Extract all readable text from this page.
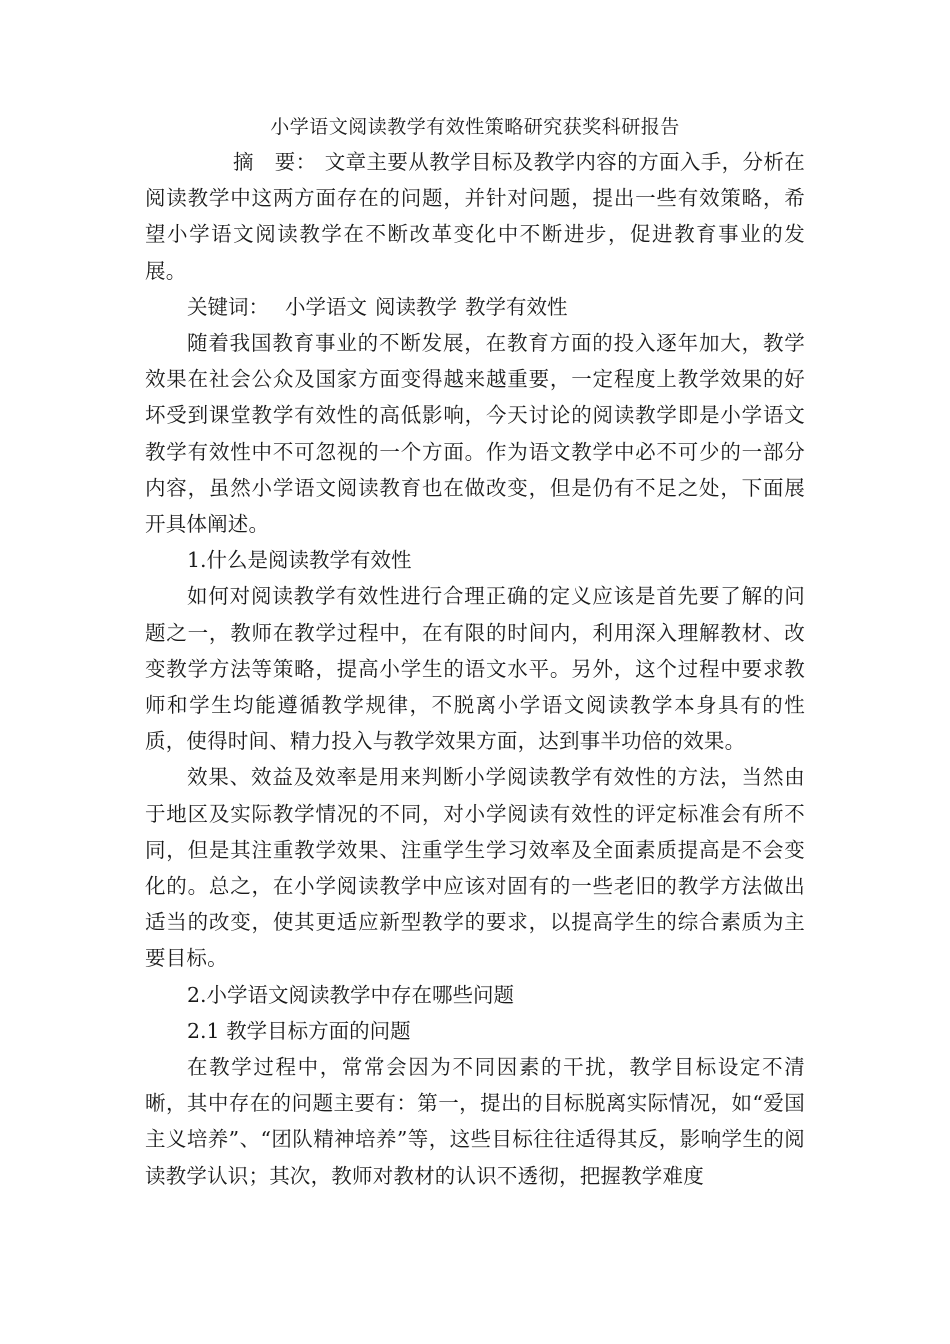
小学语文阅读教学有效性策略研究获奖科研报告

摘　要： 文章主要从教学目标及教学内容的方面入手，分析在阅读教学中这两方面存在的问题，并针对问题，提出一些有效策略，希望小学语文阅读教学在不断改革变化中不断进步，促进教育事业的发展。

关键词： 小学语文 阅读教学 教学有效性

随着我国教育事业的不断发展，在教育方面的投入逐年加大，教学效果在社会公众及国家方面变得越来越重要，一定程度上教学效果的好坏受到课堂教学有效性的高低影响，今天讨论的阅读教学即是小学语文教学有效性中不可忽视的一个方面。作为语文教学中必不可少的一部分内容，虽然小学语文阅读教育也在做改变，但是仍有不足之处，下面展开具体阐述。

1.什么是阅读教学有效性

如何对阅读教学有效性进行合理正确的定义应该是首先要了解的问题之一，教师在教学过程中，在有限的时间内，利用深入理解教材、改变教学方法等策略，提高小学生的语文水平。另外，这个过程中要求教师和学生均能遵循教学规律，不脱离小学语文阅读教学本身具有的性质，使得时间、精力投入与教学效果方面，达到事半功倍的效果。

效果、效益及效率是用来判断小学阅读教学有效性的方法，当然由于地区及实际教学情况的不同，对小学阅读有效性的评定标准会有所不同，但是其注重教学效果、注重学生学习效率及全面素质提高是不会变化的。总之，在小学阅读教学中应该对固有的一些老旧的教学方法做出适当的改变，使其更适应新型教学的要求，以提高学生的综合素质为主要目标。

2.小学语文阅读教学中存在哪些问题

2.1 教学目标方面的问题

在教学过程中，常常会因为不同因素的干扰，教学目标设定不清晰，其中存在的问题主要有：第一，提出的目标脱离实际情况，如“爱国主义培养”、“团队精神培养”等，这些目标往往适得其反，影响学生的阅读教学认识；其次，教师对教材的认识不透彻，把握教学难度
